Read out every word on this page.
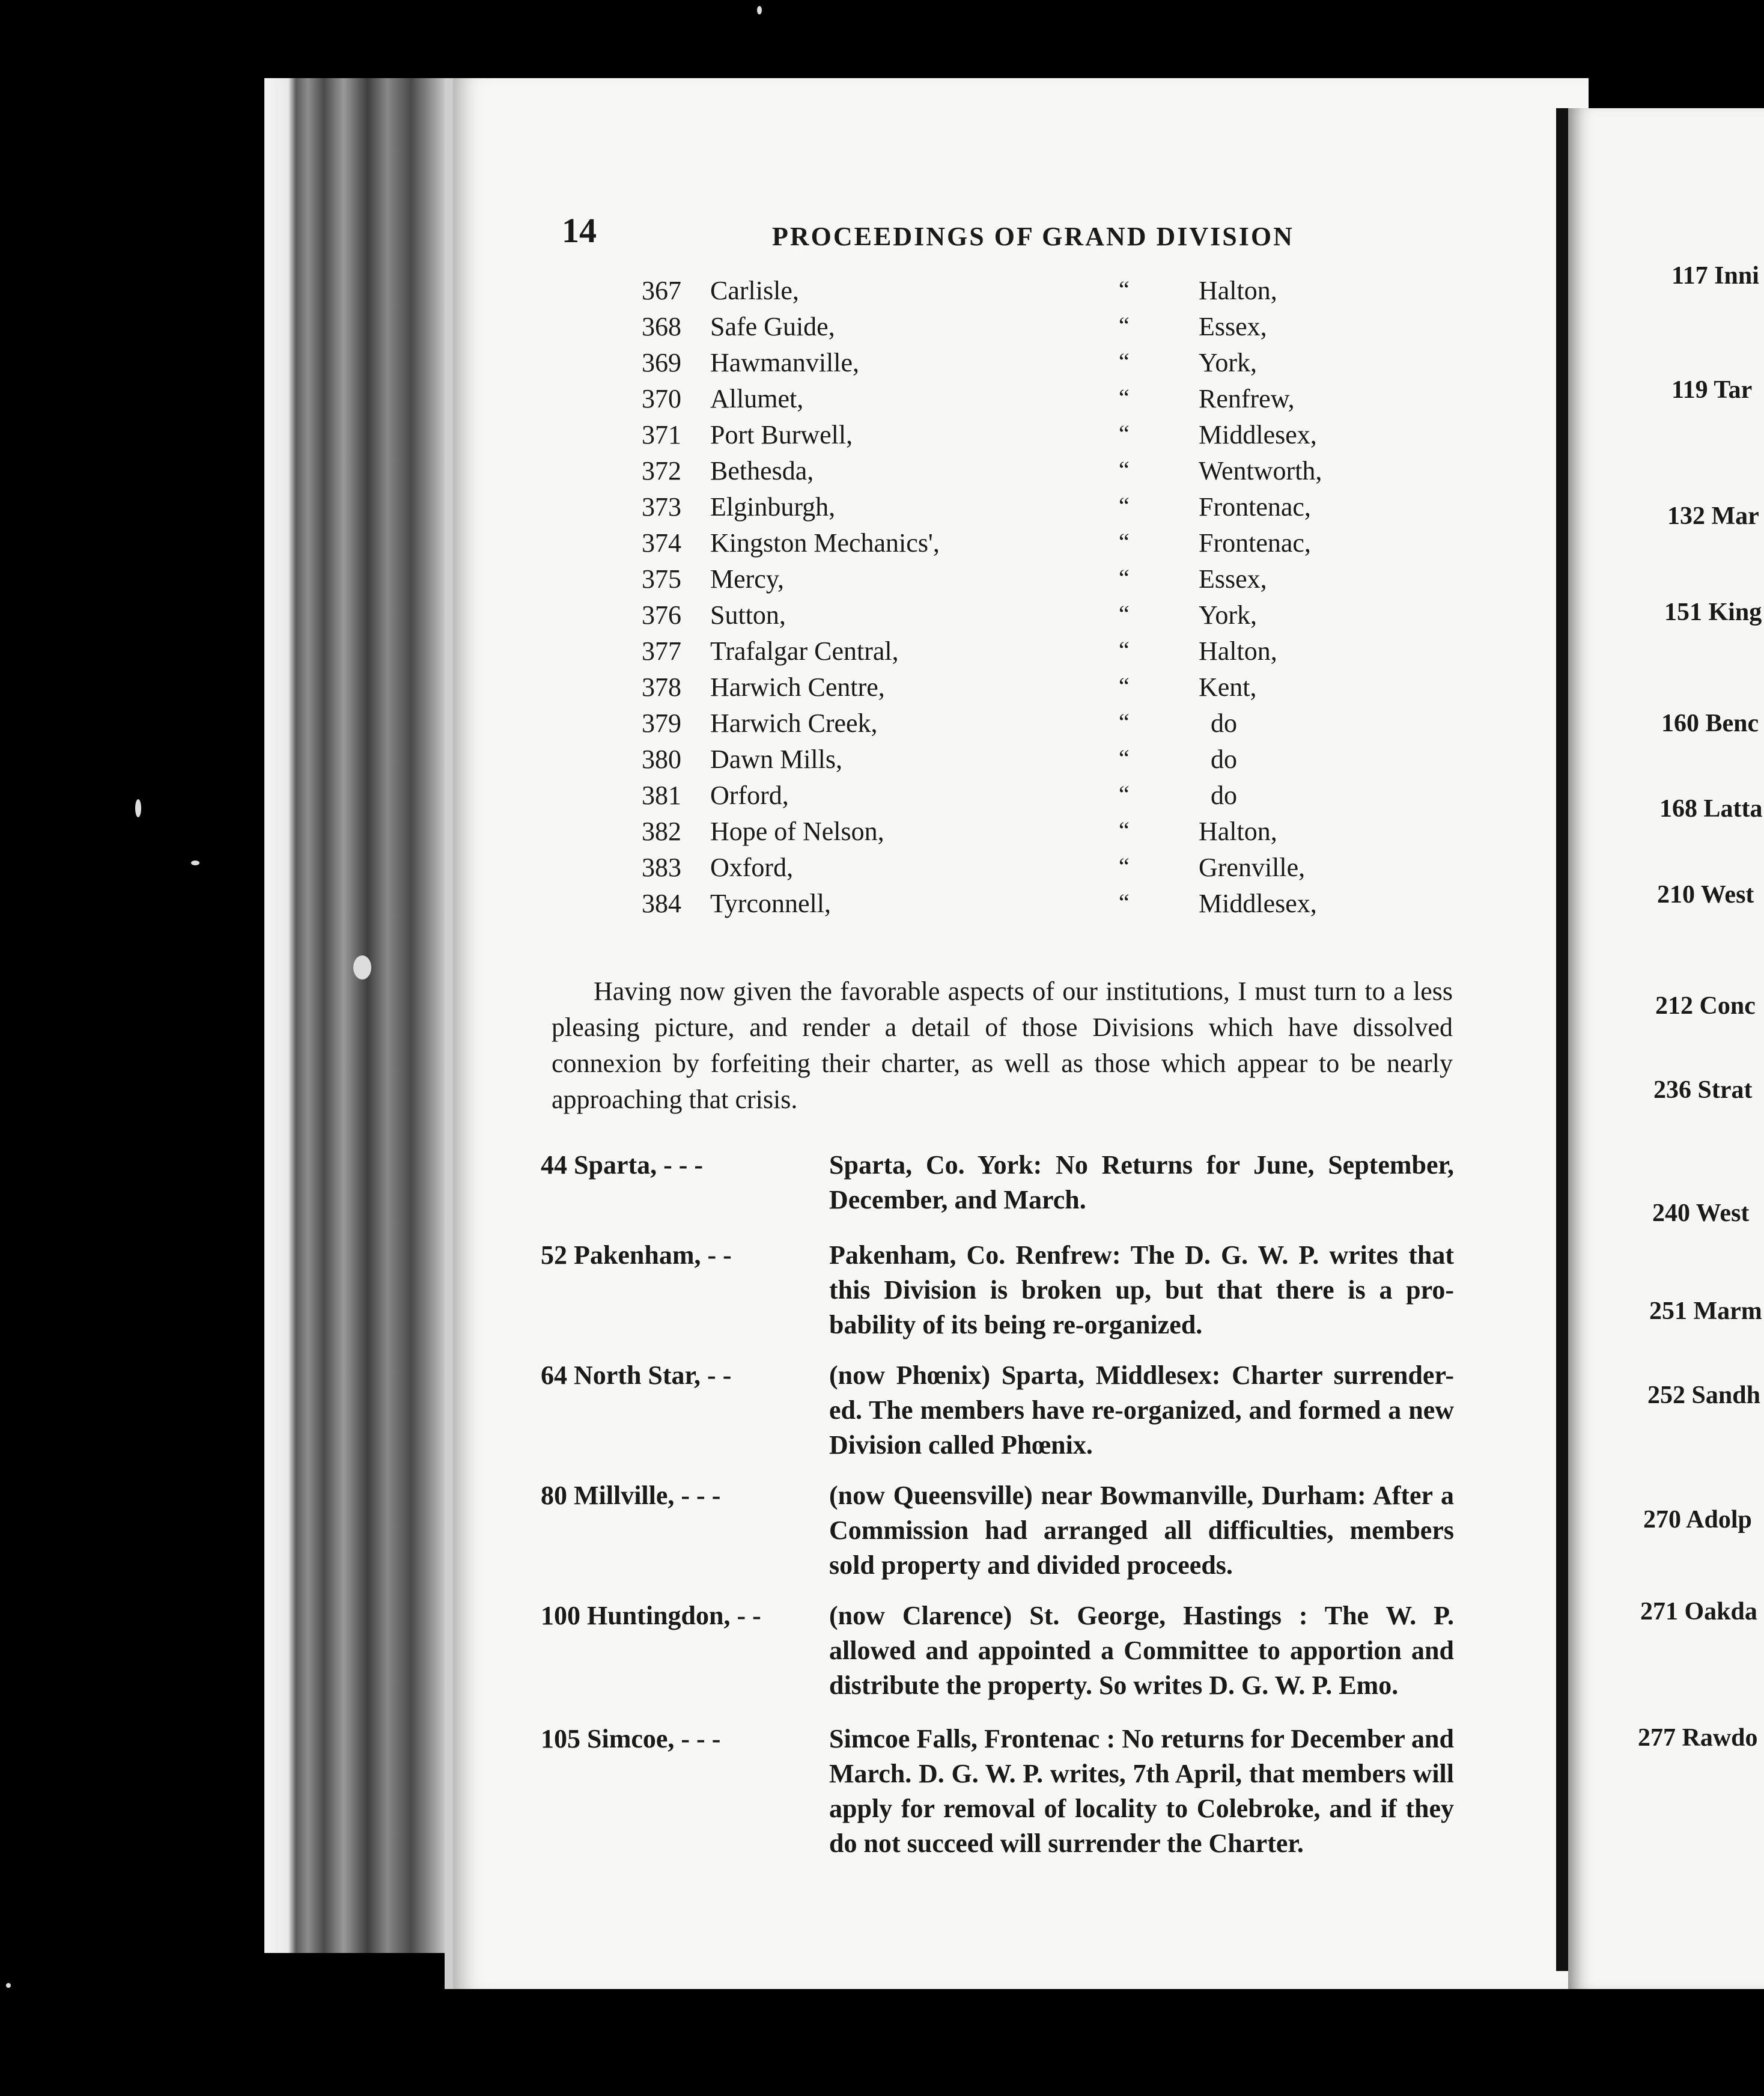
14	PROCEEDINGS OF GRAND DIVISION
367	Carlisle,	“	Halton,
368	Safe Guide,	“	Essex,
369	Hawmanville,	“	York,
370	Allumet,	“	Renfrew,
371	Port Burwell,	“	Middlesex,
372	Bethesda,	“	Wentworth,
373	Elginburgh,	“	Frontenac,
374	Kingston Mechanics',	“	Frontenac,
375	Mercy,	“	Essex,
376	Sutton,	“	York,
377	Trafalgar Central,	“	Halton,
378	Harwich Centre,	“	Kent,
379	Harwich Creek,	“	do
380	Dawn Mills,	“	do
381	Orford,	“	do
382	Hope of Nelson,	“	Halton,
383	Oxford,	“	Grenville,
384	Tyrconnell,	“	Middlesex,

Having now given the favorable aspects of our institutions, I must turn to a less pleasing picture, and render a detail of those Divisions which have dissolved connexion by forfeiting their charter, as well as those which appear to be nearly approaching that crisis.

44 Sparta, - - -	Sparta, Co. York: No Returns for June, September, December, and March.
52 Pakenham, - -	Pakenham, Co. Renfrew: The D. G. W. P. writes that this Division is broken up, but that there is a pro- bability of its being re-organized.
64 North Star, - -	(now Phœnix) Sparta, Middlesex: Charter surrender- ed. The members have re-organized, and formed a new Division called Phœnix.
80 Millville, - - -	(now Queensville) near Bowmanville, Durham: After a Commission had arranged all difficulties, members sold property and divided proceeds.
100 Huntingdon, - -	(now Clarence) St. George, Hastings : The W. P. allowed and appointed a Committee to apportion and distribute the property. So writes D. G. W. P. Emo.
105 Simcoe, - - -	Simcoe Falls, Frontenac : No returns for December and March. D. G. W. P. writes, 7th April, that members will apply for removal of locality to Colebroke, and if they do not succeed will surrender the Charter.
117 Inni
119 Tar
132 Mar
151 King
160 Benc
168 Latta
210 West
212 Conc
236 Strat
240 West
251 Marm
252 Sandh
270 Adolp
271 Oakda
277 Rawdo
